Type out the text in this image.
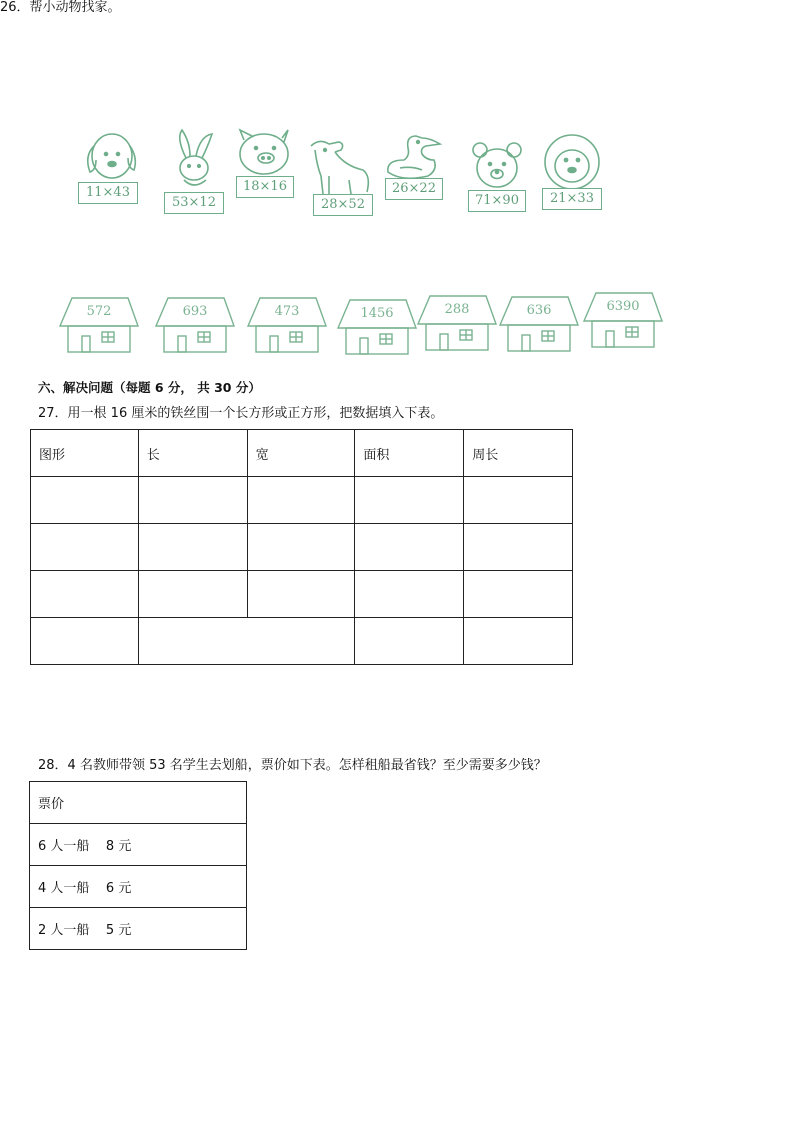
26．帮小动物找家。
11×43
53×12
18×16
28×52
26×22
71×90	21×33
572	693	473	1456	288	636	6390
六、解决问题（每题 6 分， 共 30 分）
27．用一根 16 厘米的铁丝围一个长方形或正方形，把数据填入下表。
图形	长	宽	面积	周长

28．4 名教师带领 53 名学生去划船，票价如下表。怎样租船最省钱？至少需要多少钱？
票价
6 人一船    8 元
4 人一船    6 元
2 人一船    5 元
